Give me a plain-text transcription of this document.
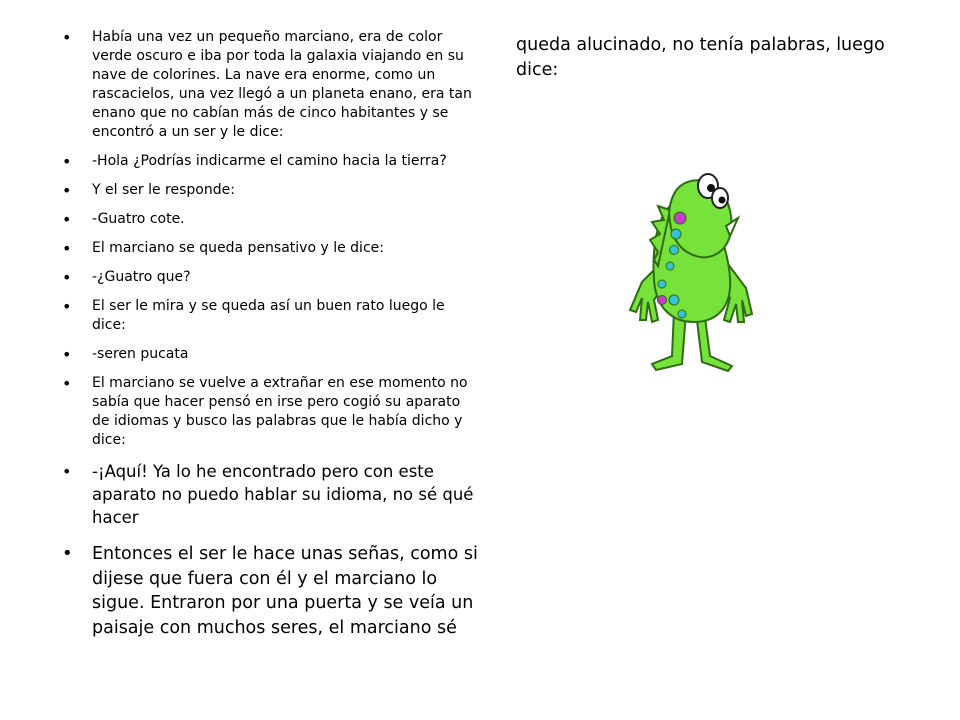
• Había una vez un pequeño marciano, era de color verde oscuro e iba por toda la galaxia viajando en su nave de colorines. La nave era enorme, como un rascacielos, una vez llegó a un planeta enano, era tan enano que no cabían más de cinco habitantes y se encontró a un ser y le dice:
• -Hola ¿Podrías indicarme el camino hacia la tierra?
• Y el ser le responde:
• -Guatro cote.
• El marciano se queda pensativo y le dice:
• -¿Guatro que?
• El ser le mira y se queda así un buen rato luego le dice:
• -seren pucata
• El marciano se vuelve a extrañar en ese momento no sabía que hacer pensó en irse pero cogió su aparato de idiomas y busco las palabras que le había dicho y dice:
• -¡Aquí! Ya lo he encontrado pero con este aparato no puedo hablar su idioma, no sé qué hacer
• Entonces el ser le hace unas señas, como si dijese que fuera con él y el marciano lo sigue. Entraron por una puerta y se veía un paisaje con muchos seres, el marciano sé

queda alucinado, no tenía palabras, luego dice:
